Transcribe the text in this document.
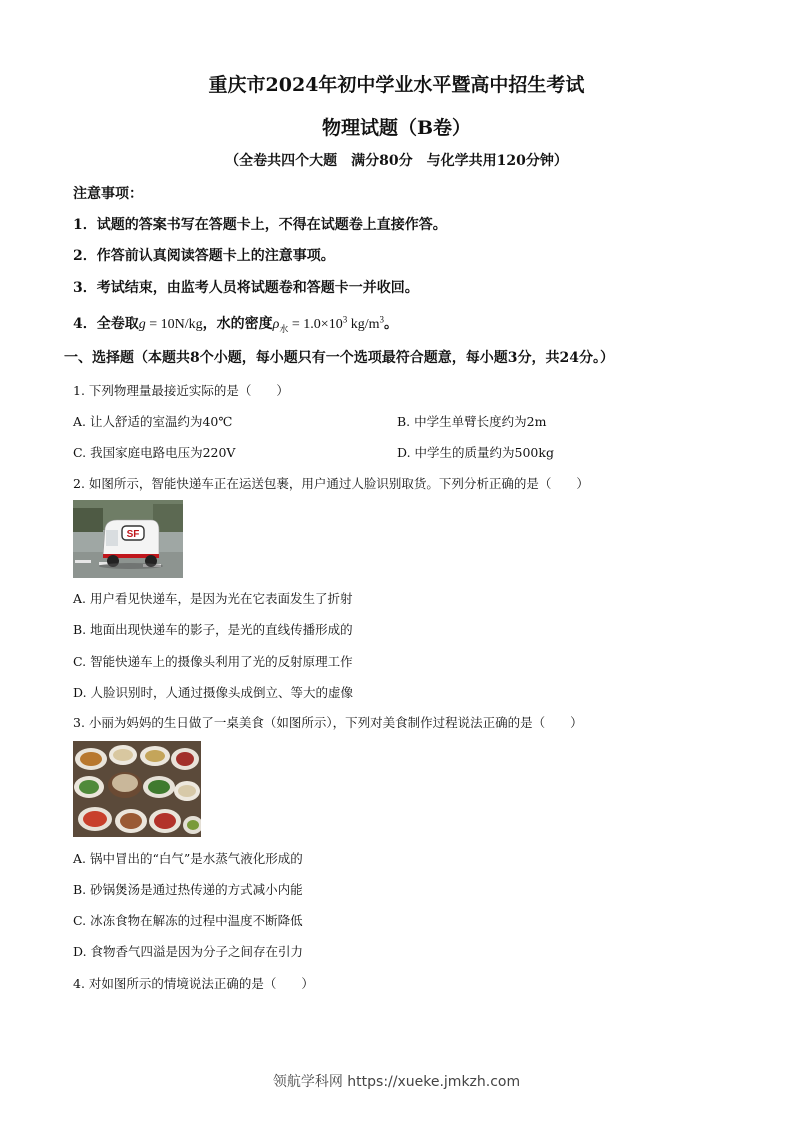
重庆市2024年初中学业水平暨高中招生考试
物理试题（B卷）
（全卷共四个大题　满分80分　与化学共用120分钟）
注意事项：
1．试题的答案书写在答题卡上，不得在试题卷上直接作答。
2．作答前认真阅读答题卡上的注意事项。
3．考试结束，由监考人员将试题卷和答题卡一并收回。
4．全卷取g = 10N/kg，水的密度$\rho_水 = 1.0\times 10^3$ $kg/m^3$。
一、选择题（本题共8个小题，每小题只有一个选项最符合题意，每小题3分，共24分。）
1. 下列物理量最接近实际的是（　　）
A. 让人舒适的室温约为40℃	B. 中学生单臂长度约为2m
C. 我国家庭电路电压为220V	D. 中学生的质量约为500kg
2. 如图所示，智能快递车正在运送包裹，用户通过人脸识别取货。下列分析正确的是（　　）
SF
A. 用户看见快递车，是因为光在它表面发生了折射
B. 地面出现快递车的影子，是光的直线传播形成的
C. 智能快递车上的摄像头利用了光的反射原理工作
D. 人脸识别时，人通过摄像头成倒立、等大的虚像
3. 小丽为妈妈的生日做了一桌美食（如图所示），下列对美食制作过程说法正确的是（　　）
A. 锅中冒出的“白气”是水蒸气液化形成的
B. 砂锅煲汤是通过热传递的方式减小内能
C. 冰冻食物在解冻的过程中温度不断降低
D. 食物香气四溢是因为分子之间存在引力
4. 对如图所示的情境说法正确的是（　　）
领航学科网 https://xueke.jmkzh.com
